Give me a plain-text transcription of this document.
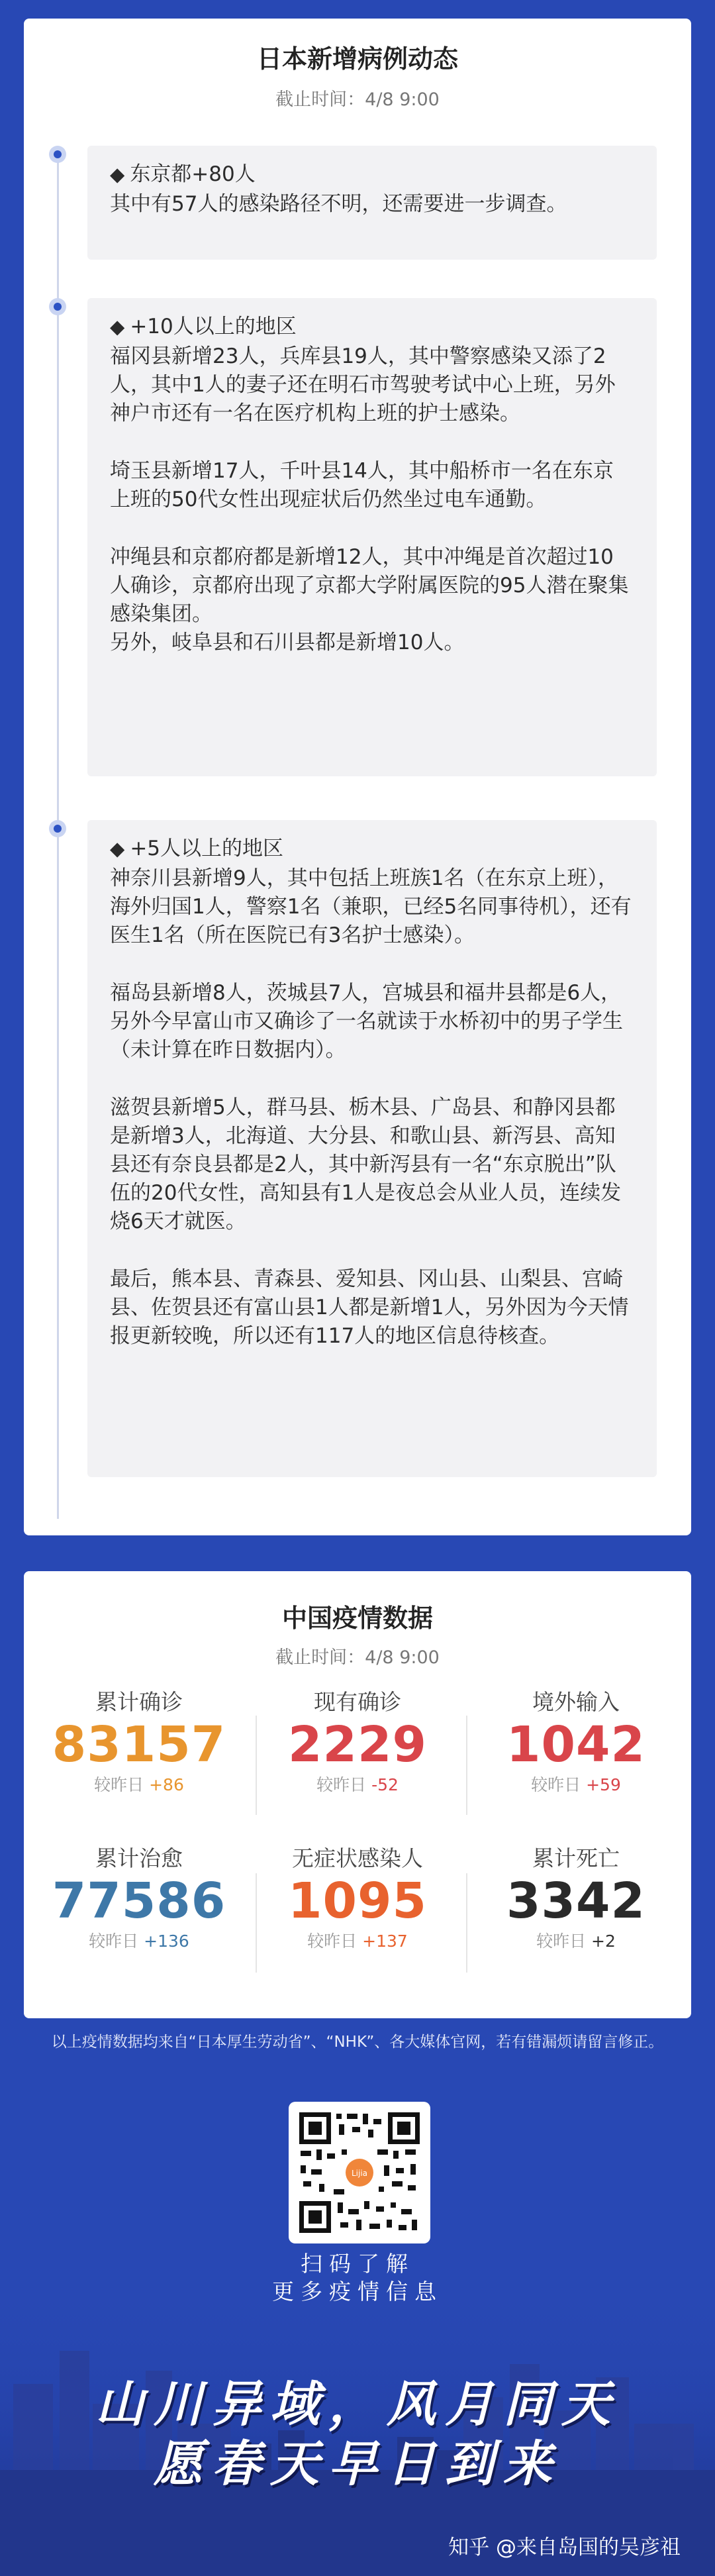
日本新增病例动态
截止时间：4/8 9:00

◆ 东京都+80人

其中有57人的感染路径不明，还需要进一步调查。

◆ +10人以上的地区

福冈县新增23人，兵库县19人，其中警察感染又添了2人，其中1人的妻子还在明石市驾驶考试中心上班，另外神户市还有一名在医疗机构上班的护士感染。

埼玉县新增17人，千叶县14人，其中船桥市一名在东京上班的50代女性出现症状后仍然坐过电车通勤。

冲绳县和京都府都是新增12人，其中冲绳是首次超过10人确诊，京都府出现了京都大学附属医院的95人潜在聚集感染集团。

另外，岐阜县和石川县都是新增10人。

◆ +5人以上的地区

神奈川县新增9人，其中包括上班族1名（在东京上班），海外归国1人，警察1名（兼职，已经5名同事待机），还有医生1名（所在医院已有3名护士感染）。

福岛县新增8人，茨城县7人，宫城县和福井县都是6人，另外今早富山市又确诊了一名就读于水桥初中的男子学生（未计算在昨日数据内）。

滋贺县新增5人，群马县、栃木县、广岛县、和静冈县都是新增3人，北海道、大分县、和歌山县、新泻县、高知县还有奈良县都是2人，其中新泻县有一名“东京脱出”队伍的20代女性，高知县有1人是夜总会从业人员，连续发烧6天才就医。

最后，熊本县、青森县、爱知县、冈山县、山梨县、宫崎县、佐贺县还有富山县1人都是新增1人，另外因为今天情报更新较晚，所以还有117人的地区信息待核查。

中国疫情数据
截止时间：4/8 9:00
累计确诊
83157
较昨日 +86
现有确诊
2229
较昨日 -52
境外输入
1042
较昨日 +59
累计治愈
77586
较昨日 +136
无症状感染人
1095
较昨日 +137
累计死亡
3342
较昨日 +2
以上疫情数据均来自“日本厚生劳动省”、“NHK”、各大媒体官网，若有错漏烦请留言修正。
Lijia
扫码了解
更多疫情信息
山川异域，风月同天
愿春天早日到来
知乎 @来自岛国的吴彦祖
